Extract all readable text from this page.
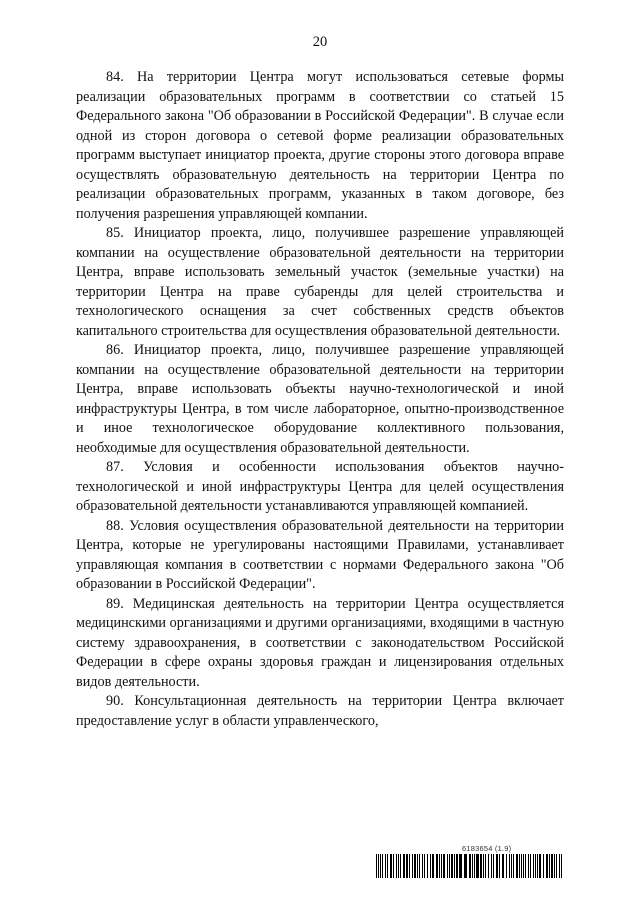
20

84. На территории Центра могут использоваться сетевые формы реализации образовательных программ в соответствии со статьей 15 Федерального закона "Об образовании в Российской Федерации". В случае если одной из сторон договора о сетевой форме реализации образовательных программ выступает инициатор проекта, другие стороны этого договора вправе осуществлять образовательную деятельность на территории Центра по реализации образовательных программ, указанных в таком договоре, без получения разрешения управляющей компании.

85. Инициатор проекта, лицо, получившее разрешение управляющей компании на осуществление образовательной деятельности на территории Центра, вправе использовать земельный участок (земельные участки) на территории Центра на праве субаренды для целей строительства и технологического оснащения за счет собственных средств объектов капитального строительства для осуществления образовательной деятельности.

86. Инициатор проекта, лицо, получившее разрешение управляющей компании на осуществление образовательной деятельности на территории Центра, вправе использовать объекты научно-технологической и иной инфраструктуры Центра, в том числе лабораторное, опытно-производственное и иное технологическое оборудование коллективного пользования, необходимые для осуществления образовательной деятельности.

87. Условия и особенности использования объектов научно-технологической и иной инфраструктуры Центра для целей осуществления образовательной деятельности устанавливаются управляющей компанией.

88. Условия осуществления образовательной деятельности на территории Центра, которые не урегулированы настоящими Правилами, устанавливает управляющая компания в соответствии с нормами Федерального закона "Об образовании в Российской Федерации".

89. Медицинская деятельность на территории Центра осуществляется медицинскими организациями и другими организациями, входящими в частную систему здравоохранения, в соответствии с законодательством Российской Федерации в сфере охраны здоровья граждан и лицензирования отдельных видов деятельности.

90. Консультационная деятельность на территории Центра включает предоставление услуг в области управленческого,

6183654 (1.9)
